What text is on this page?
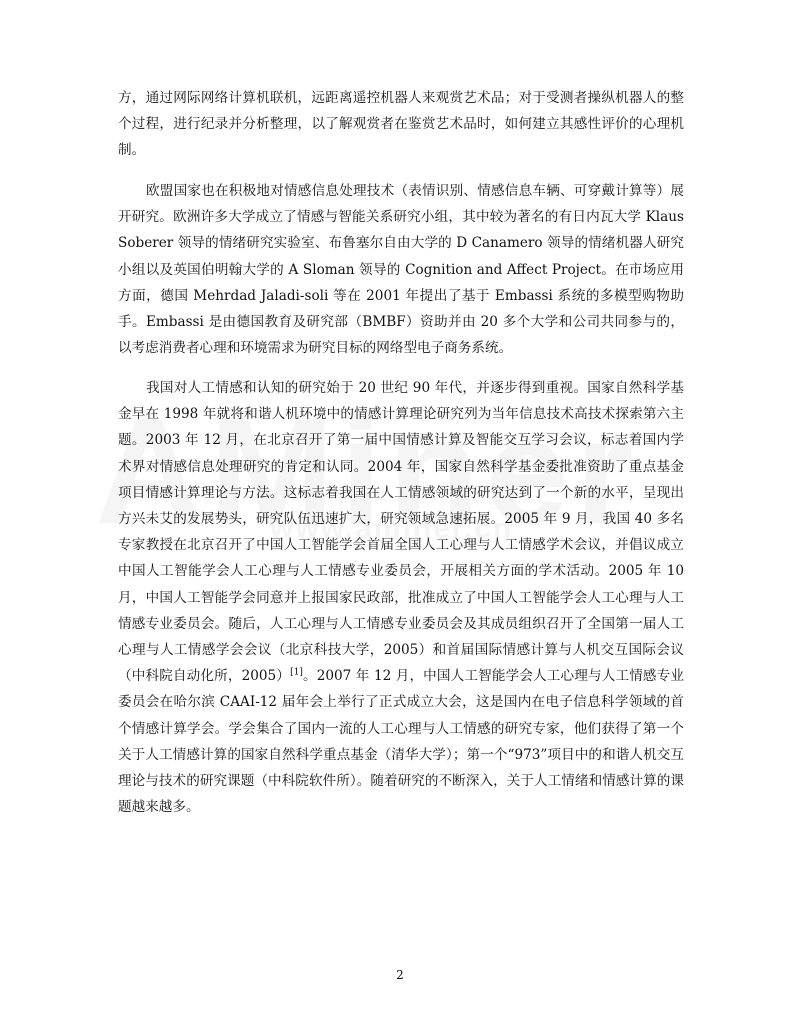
方，通过网际网络计算机联机，远距离遥控机器人来观赏艺术品；对于受测者操纵机器人的整个过程，进行纪录并分析整理，以了解观赏者在鉴赏艺术品时，如何建立其感性评价的心理机制。

欧盟国家也在积极地对情感信息处理技术（表情识别、情感信息车辆、可穿戴计算等）展开研究。欧洲许多大学成立了情感与智能关系研究小组，其中较为著名的有日内瓦大学 Klaus Soberer 领导的情绪研究实验室、布鲁塞尔自由大学的 D Canamero 领导的情绪机器人研究小组以及英国伯明翰大学的 A Sloman 领导的 Cognition and Affect Project。在市场应用方面，德国 Mehrdad Jaladi-soli 等在 2001 年提出了基于 Embassi 系统的多模型购物助手。Embassi 是由德国教育及研究部（BMBF）资助并由 20 多个大学和公司共同参与的，以考虑消费者心理和环境需求为研究目标的网络型电子商务系统。

我国对人工情感和认知的研究始于 20 世纪 90 年代，并逐步得到重视。国家自然科学基金早在 1998 年就将和谐人机环境中的情感计算理论研究列为当年信息技术高技术探索第六主题。2003 年 12 月，在北京召开了第一届中国情感计算及智能交互学习会议，标志着国内学术界对情感信息处理研究的肯定和认同。2004 年，国家自然科学基金委批准资助了重点基金项目情感计算理论与方法。这标志着我国在人工情感领域的研究达到了一个新的水平，呈现出方兴未艾的发展势头，研究队伍迅速扩大，研究领域急速拓展。2005 年 9 月，我国 40 多名专家教授在北京召开了中国人工智能学会首届全国人工心理与人工情感学术会议，并倡议成立中国人工智能学会人工心理与人工情感专业委员会，开展相关方面的学术活动。2005 年 10 月，中国人工智能学会同意并上报国家民政部，批准成立了中国人工智能学会人工心理与人工情感专业委员会。随后，人工心理与人工情感专业委员会及其成员组织召开了全国第一届人工心理与人工情感学会会议（北京科技大学，2005）和首届国际情感计算与人机交互国际会议（中科院自动化所，2005）[1]。2007 年 12 月，中国人工智能学会人工心理与人工情感专业委员会在哈尔滨 CAAI-12 届年会上举行了正式成立大会，这是国内在电子信息科学领域的首个情感计算学会。学会集合了国内一流的人工心理与人工情感的研究专家，他们获得了第一个关于人工情感计算的国家自然科学重点基金（清华大学）；第一个“973”项目中的和谐人机交互理论与技术的研究课题（中科院软件所）。随着研究的不断深入，关于人工情绪和情感计算的课题越来越多。

2
